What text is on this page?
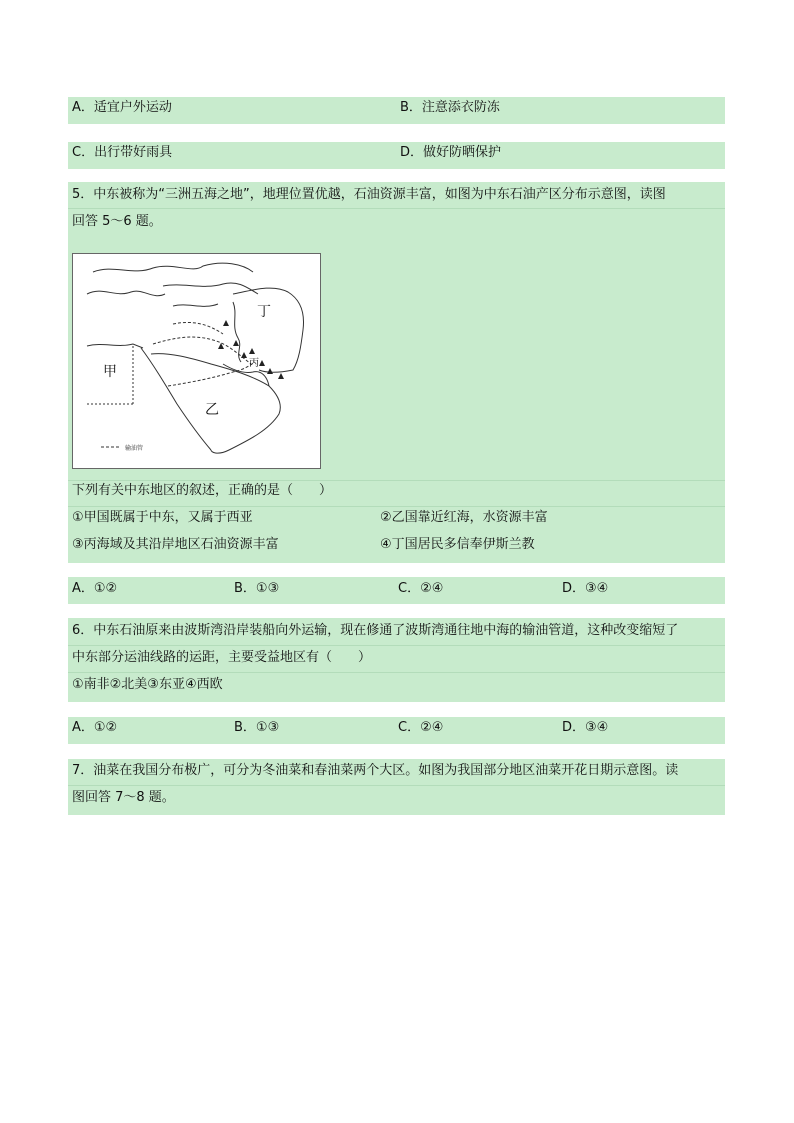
A．适宜户外运动	B．注意添衣防冻
C．出行带好雨具	D．做好防晒保护
5．中东被称为“三洲五海之地”，地理位置优越，石油资源丰富，如图为中东石油产区分布示意图，读图
回答 5～6 题。
丁
甲
乙
丙
输油管
下列有关中东地区的叙述，正确的是（　　）
①甲国既属于中东，又属于西亚	②乙国靠近红海，水资源丰富
③丙海域及其沿岸地区石油资源丰富	④丁国居民多信奉伊斯兰教
A．①②	B．①③	C．②④	D．③④
6．中东石油原来由波斯湾沿岸装船向外运输，现在修通了波斯湾通往地中海的输油管道，这种改变缩短了
中东部分运油线路的运距，主要受益地区有（　　）
①南非②北美③东亚④西欧
A．①②	B．①③	C．②④	D．③④
7．油菜在我国分布极广，可分为冬油菜和春油菜两个大区。如图为我国部分地区油菜开花日期示意图。读
图回答 7～8 题。
